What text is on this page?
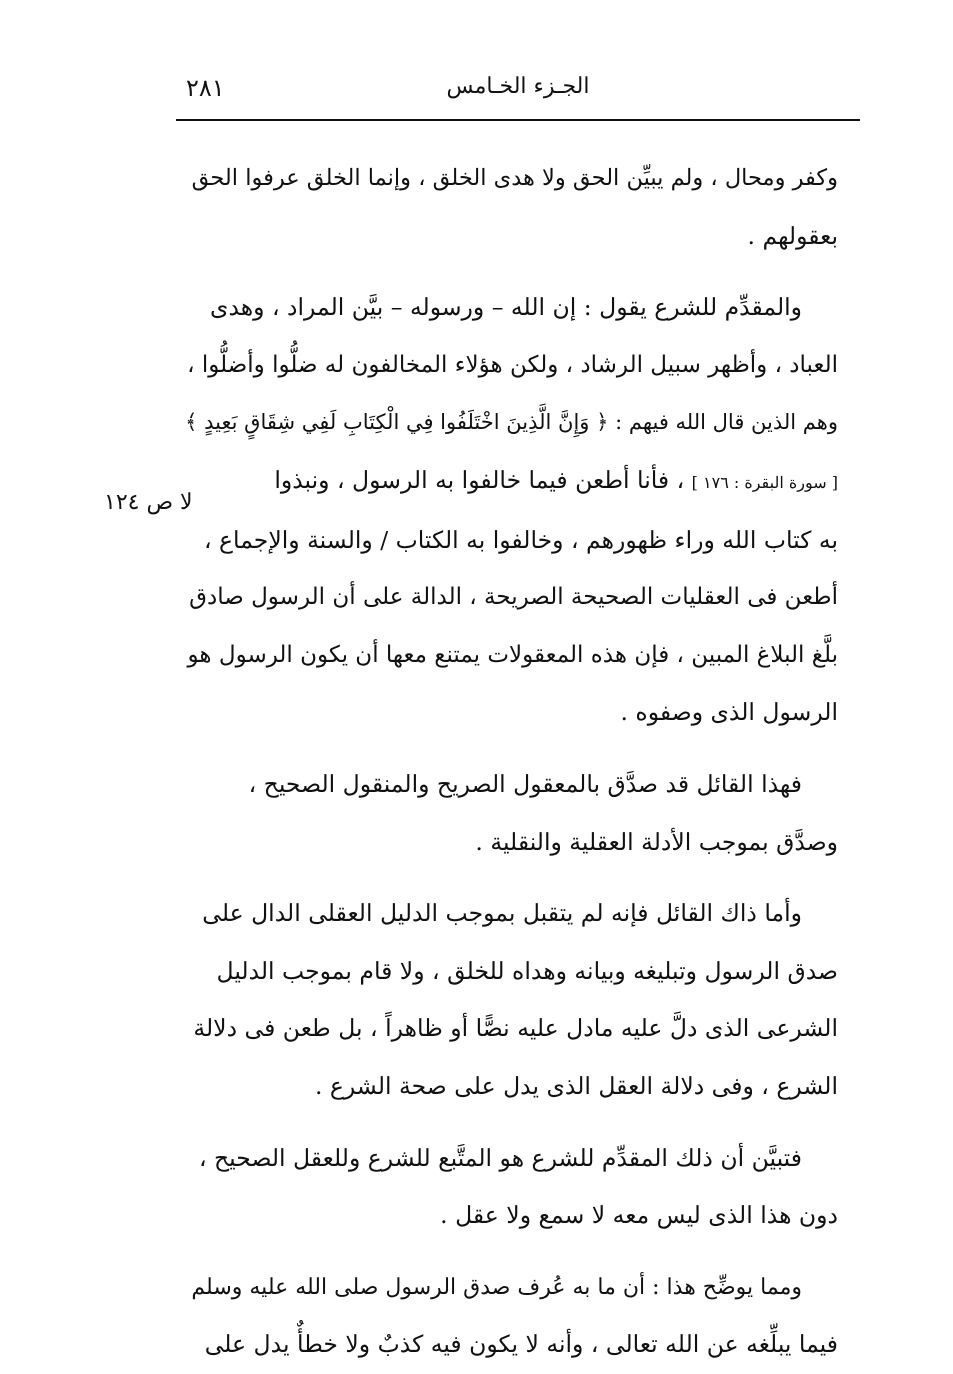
٢٨١	الجـزء الخـامس
لا ص ١٢٤

وكفر ومحال ، ولم يبيِّن الحق ولا هدى الخلق ، وإنما الخلق عرفوا الحق
بعقولهم .

والمقدِّم للشرع يقول : إن الله – ورسوله – بيَّن المراد ، وهدى
العباد ، وأظهر سبيل الرشاد ، ولكن هؤلاء المخالفون له ضلُّوا وأضلُّوا ،
وهم الذين قال الله فيهم : ﴿ وَإِنَّ الَّذِينَ اخْتَلَفُوا فِي الْكِتَابِ لَفِي شِقَاقٍ بَعِيدٍ ﴾
[ سورة البقرة : ١٧٦ ] ، فأنا أطعن فيما خالفوا به الرسول ، ونبذوا
به كتاب الله وراء ظهورهم ، وخالفوا به الكتاب / والسنة والإجماع ،
أطعن فى العقليات الصحيحة الصريحة ، الدالة على أن الرسول صادق
بلَّغ البلاغ المبين ، فإن هذه المعقولات يمتنع معها أن يكون الرسول هو
الرسول الذى وصفوه .

فهذا القائل قد صدَّق بالمعقول الصريح والمنقول الصحيح ،
وصدَّق بموجب الأدلة العقلية والنقلية .

وأما ذاك القائل فإنه لم يتقبل بموجب الدليل العقلى الدال على
صدق الرسول وتبليغه وبيانه وهداه للخلق ، ولا قام بموجب الدليل
الشرعى الذى دلَّ عليه مادل عليه نصًّا أو ظاهراً ، بل طعن فى دلالة
الشرع ، وفى دلالة العقل الذى يدل على صحة الشرع .

فتبيَّن أن ذلك المقدِّم للشرع هو المتَّبع للشرع وللعقل الصحيح ،
دون هذا الذى ليس معه لا سمع ولا عقل .

ومما يوضِّح هذا : أن ما به عُرف صدق الرسول صلى الله عليه وسلم
فيما يبلِّغه عن الله تعالى ، وأنه لا يكون فيه كذبٌ ولا خطأٌ يدل على
